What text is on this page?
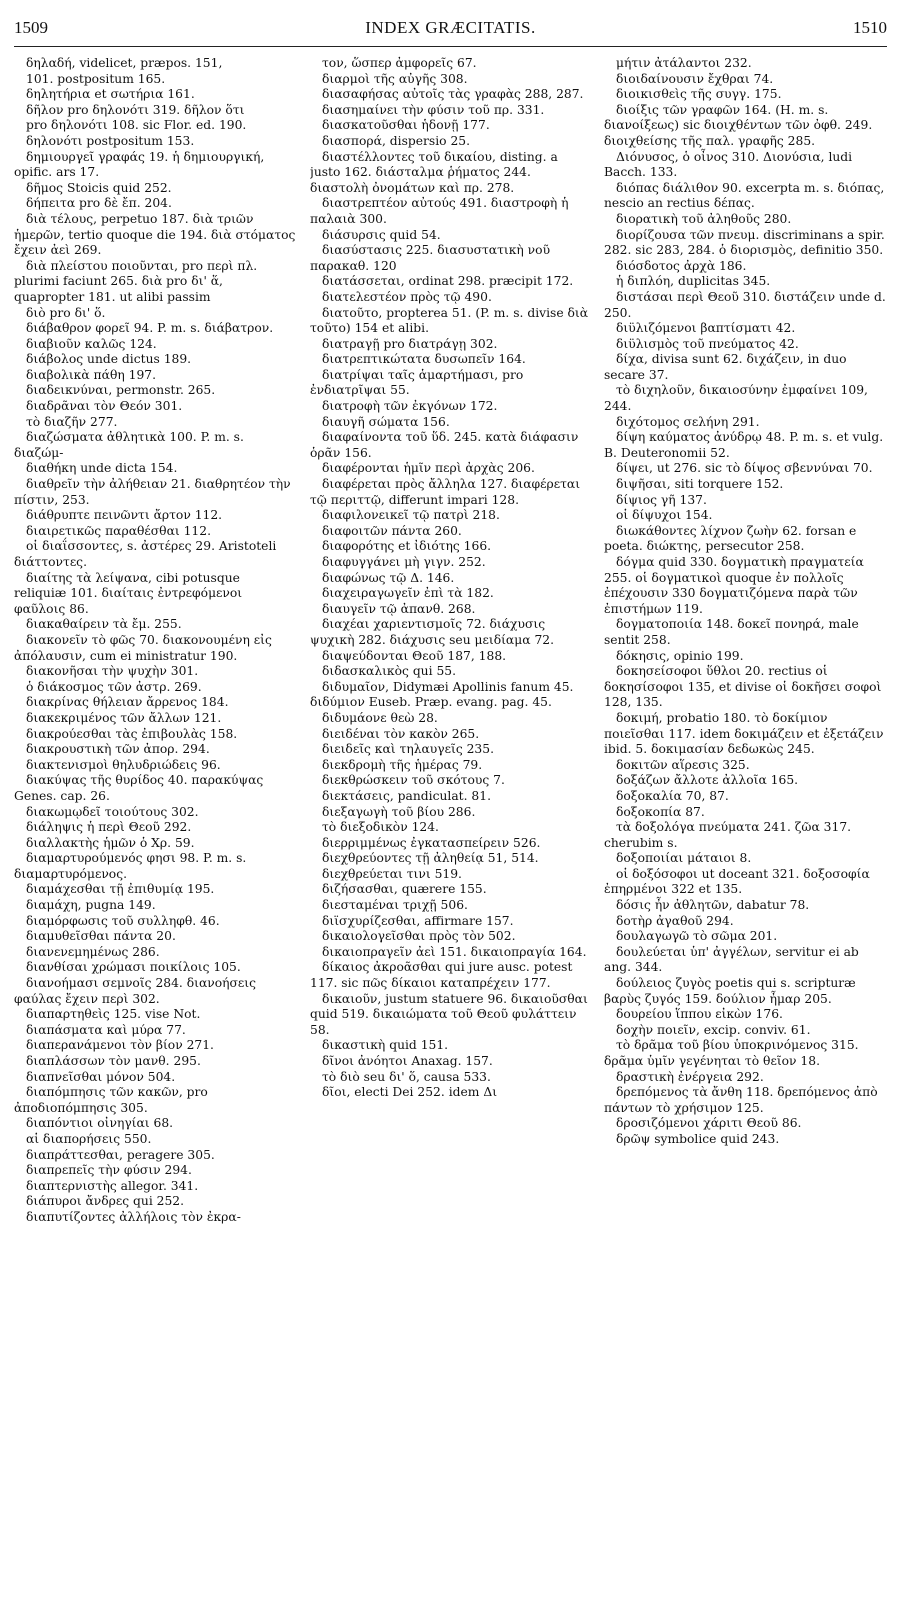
1509	INDEX GRÆCITATIS.	1510

δηλαδή, videlicet, præpos. 151,

101. postpositum 165.

δηλητήρια et σωτήρια 161.

δῆλον pro δηλονότι 319. δῆλον ὅτι

pro δηλονότι 108. sic Flor. ed. 190.

δηλονότι postpositum 153.

δημιουργεῖ γραφάς 19. ἡ δημιουργική, opific. ars 17.

δῆμος Stoicis quid 252.

δήπειτα pro δὲ ἔπ. 204.

διὰ τέλους, perpetuo 187. διὰ τριῶν ἡμερῶν, tertio quoque die 194. διὰ στόματος ἔχειν ἀεὶ 269.

διὰ πλείστου ποιοῦνται, pro περὶ πλ. plurimi faciunt 265. διὰ pro δι' ἅ, quapropter 181. ut alibi passim

διὸ pro δι' ὅ.

διάβαθρον φορεῖ 94. P. m. s. διάβατρον.

διαβιοῦν καλῶς 124.

διάβολος unde dictus 189.

διαβολικὰ πάθη 197.

διαδεικνύναι, permonstr. 265.

διαδρᾶναι τὸν Θεόν 301.

τὸ διαζῆν 277.

διαζώσματα ἀθλητικὰ 100. P. m. s. διαζώμ-

διαθήκη unde dicta 154.

διαθρεῖν τὴν ἀλήθειαν 21. διαθρητέον τὴν πίστιν, 253.

διάθρυπτε πεινῶντι ἄρτον 112.

διαιρετικῶς παραθέσθαι 112.

οἱ διαΐσσοντες, s. ἀστέρες 29. Aristoteli διάττοντες.

διαίτης τὰ λείψανα, cibi potusque reliquiæ 101. διαίταις ἐντρεφόμενοι φαῦλοις 86.

διακαθαίρειν τὰ ἔμ. 255.

διακονεῖν τὸ φῶς 70. διακονουμένη εἰς ἀπόλαυσιν, cum ei ministratur 190.

διακονῆσαι τὴν ψυχὴν 301.

ὁ διάκοσμος τῶν ἀστρ. 269.

διακρίνας θήλειαν ἄρρενος 184.

διακεκριμένος τῶν ἄλλων 121.

διακρούεσθαι τὰς ἐπιβουλὰς 158.

διακρουστικὴ τῶν ἀπορ. 294.

διακτενισμοὶ θηλυδριώδεις 96.

διακύψας τῆς θυρίδος 40. παρακύψας Genes. cap. 26.

διακωμῳδεῖ τοιούτους 302.

διάληψις ἡ περὶ Θεοῦ 292.

διαλλακτὴς ἡμῶν ὁ Χρ. 59.

διαμαρτυρούμενός φησι 98. P. m. s. διαμαρτυρόμενος.

διαμάχεσθαι τῇ ἐπιθυμίᾳ 195.

διαμάχη, pugna 149.

διαμόρφωσις τοῦ συλληφθ. 46.

διαμυθεῖσθαι πάντα 20.

διανενεμημένως 286.

διανθίσαι χρώμασι ποικίλοις 105.

διανοήμασι σεμνοῖς 284. διανοήσεις φαύλας ἔχειν περὶ 302.

διαπαρτηθεὶς 125. vise Not.

διαπάσματα καὶ μύρα 77.

διαπερανάμενοι τὸν βίον 271.

διαπλάσσων τὸν μανθ. 295.

διαπνεῖσθαι μόνον 504.

διαπόμπησις τῶν κακῶν, pro ἀποδιοπόμπησις 305.

διαπόντιοι οἰνηγίαι 68.

αἱ διαπορήσεις 550.

διαπράττεσθαι, peragere 305.

διαπρεπεῖς τὴν φύσιν 294.

διαπτερνιστὴς allegor. 341.

διάπυροι ἄνδρες qui 252.

διαπυτίζοντες ἀλλήλοις τὸν ἐκρα-

τον, ὥσπερ ἀμφορεῖς 67.

διαρμοὶ τῆς αὐγῆς 308.

διασαφήσας αὐτοῖς τὰς γραφὰς 288, 287.

διασημαίνει τὴν φύσιν τοῦ πρ. 331.

διασκατοῦσθαι ἡδονῇ 177.

διασπορά, dispersio 25.

διαστέλλοντες τοῦ δικαίου, disting. a justo 162. διάσταλμα ῥήματος 244. διαστολὴ ὀνομάτων καὶ πρ. 278.

διαστρεπτέον αὐτούς 491. διαστροφὴ ἡ παλαιὰ 300.

διάσυρσις quid 54.

διασύστασις 225. διασυστατικὴ νοῦ παρακαθ. 120

διατάσσεται, ordinat 298. præcipit 172.

διατελεστέον πρὸς τῷ 490.

διατοῦτο, propterea 51. (P. m. s. divise διὰ τοῦτο) 154 et alibi.

διατραγῇ pro διατράγῃ 302.

διατρεπτικώτατα δυσωπεῖν 164.

διατρίψαι ταῖς ἁμαρτήμασι, pro ἐνδιατρῖψαι 55.

διατροφὴ τῶν ἐκγόνων 172.

διαυγῆ σώματα 156.

διαφαίνοντα τοῦ ὕδ. 245. κατὰ διάφασιν ὁρᾶν 156.

διαφέρονται ἡμῖν περὶ ἀρχὰς 206.

διαφέρεται πρὸς ἄλληλα 127. διαφέρεται τῷ περιττῷ, differunt impari 128.

διαφιλονεικεῖ τῷ πατρὶ 218.

διαφοιτῶν πάντα 260.

διαφορότης et ἰδιότης 166.

διαφυγγάνει μὴ γιγν. 252.

διαφώνως τῷ Δ. 146.

διαχειραγωγεῖν ἐπὶ τὰ 182.

διαυγεῖν τῷ ἀπανθ. 268.

διαχέαι χαριεντισμοῖς 72. διάχυσις ψυχικὴ 282. διάχυσις seu μειδίαμα 72.

διαψεύδονται Θεοῦ 187, 188.

διδασκαλικὸς qui 55.

διδυμαῖον, Didymæi Apollinis fanum 45. διδύμιον Euseb. Præp. evang. pag. 45.

διδυμάονε θεὼ 28.

διειδέναι τὸν κακὸν 265.

διειδεῖς καὶ τηλαυγεῖς 235.

διεκδρομὴ τῆς ἡμέρας 79.

διεκθρώσκειν τοῦ σκότους 7.

διεκτάσεις, pandiculat. 81.

διεξαγωγὴ τοῦ βίου 286.

τὸ διεξοδικὸν 124.

διερριμμένως ἐγκατασπείρειν 526.

διεχθρεύοντες τῇ ἀληθείᾳ 51, 514.

διεχθρεύεται τινι 519.

διζήσασθαι, quærere 155.

διεσταμέναι τριχῇ 506.

διϊσχυρίζεσθαι, affirmare 157.

δικαιολογεῖσθαι πρὸς τὸν 502.

δικαιοπραγεῖν ἀεὶ 151. δικαιοπραγία 164.

δίκαιος ἀκροᾶσθαι qui jure ausc. potest 117. sic πῶς δίκαιοι καταπρέχειν 177.

δικαιοῦν, justum statuere 96. δικαιοῦσθαι quid 519. δικαιώματα τοῦ Θεοῦ φυλάττειν 58.

δικαστικὴ quid 151.

δῖνοι ἀνόητοι Anaxag. 157.

τὸ διὸ seu δι' ὅ, causa 533.

δῖοι, electi Dei 252. idem Δι

μήτιν ἀτάλαντοι 232.

διοιδαίνουσιν ἔχθραι 74.

διοικισθεὶς τῆς συγγ. 175.

διοίξις τῶν γραφῶν 164. (H. m. s. διανοίξεως) sic διοιχθέντων τῶν ὀφθ. 249. διοιχθείσης τῆς παλ. γραφῆς 285.

Διόνυσος, ὁ οἶνος 310. Διονύσια, ludi Bacch. 133.

διόπας διάλιθον 90. excerpta m. s. διόπας, nescio an rectius δέπας.

διορατικὴ τοῦ ἀληθοῦς 280.

διορίζουσα τῶν πνευμ. discriminans a spir. 282. sic 283, 284. ὁ διορισμὸς, definitio 350.

διόσδοτος ἀρχὰ 186.

ἡ διπλόη, duplicitas 345.

διστάσαι περὶ Θεοῦ 310. διστάζειν unde d. 250.

διϋλιζόμενοι βαπτίσματι 42.

διϋλισμὸς τοῦ πνεύματος 42.

δίχα, divisa sunt 62. διχάζειν, in duo secare 37.

τὸ διχηλοῦν, δικαιοσύνην ἐμφαίνει 109, 244.

διχότομος σελήνη 291.

δίψη καύματος ἀνύδρῳ 48. P. m. s. et vulg. B. Deuteronomii 52.

δίψει, ut 276. sic τὸ δίψος σβεννύναι 70.

διψῆσαι, siti torquere 152.

δίψιος γῆ 137.

οἱ δίψυχοι 154.

διωκάθοντες λίχνον ζωὴν 62. forsan e poeta. διώκτης, persecutor 258.

δόγμα quid 330. δογματικὴ πραγματεία 255. οἱ δογματικοὶ quoque ἐν πολλοῖς ἐπέχουσιν 330 δογματιζόμενα παρὰ τῶν ἐπιστήμων 119.

δογματοποιία 148. δοκεῖ πονηρά, male sentit 258.

δόκησις, opinio 199.

δοκησείσοφοι ὕθλοι 20. rectius οἱ δοκησίσοφοι 135, et divise οἱ δοκῆσει σοφοὶ 128, 135.

δοκιμή, probatio 180. τὸ δοκίμιον ποιεῖσθαι 117. idem δοκιμάζειν et ἐξετάζειν ibid. 5. δοκιμασίαν δεδωκὼς 245.

δοκιτῶν αἵρεσις 325.

δοξάζων ἄλλοτε ἀλλοῖα 165.

δοξοκαλία 70, 87.

δοξοκοπία 87.

τὰ δοξολόγα πνεύματα 241. ζῶα 317. cherubim s.

δοξοποιίαι μάταιοι 8.

οἱ δοξόσοφοι ut doceant 321. δοξοσοφία ἐπηρμένοι 322 et 135.

δόσις ἦν ἀθλητῶν, dabatur 78.

δοτὴρ ἀγαθοῦ 294.

δουλαγωγῶ τὸ σῶμα 201.

δουλεύεται ὑπ' ἀγγέλων, servitur ei ab ang. 344.

δούλειος ζυγὸς poetis qui s. scripturæ βαρὺς ζυγός 159. δούλιον ἦμαρ 205.

δουρείου ἵππου εἰκὼν 176.

δοχὴν ποιεῖν, excip. conviv. 61.

τὸ δρᾶμα τοῦ βίου ὑποκρινόμενος 315. δρᾶμα ὑμῖν γεγένηται τὸ θεῖον 18.

δραστικὴ ἐνέργεια 292.

δρεπόμενος τὰ ἄνθη 118. δρεπόμενος ἀπὸ πάντων τὸ χρήσιμον 125.

δροσιζόμενοι χάριτι Θεοῦ 86.

δρῶψ symbolice quid 243.
